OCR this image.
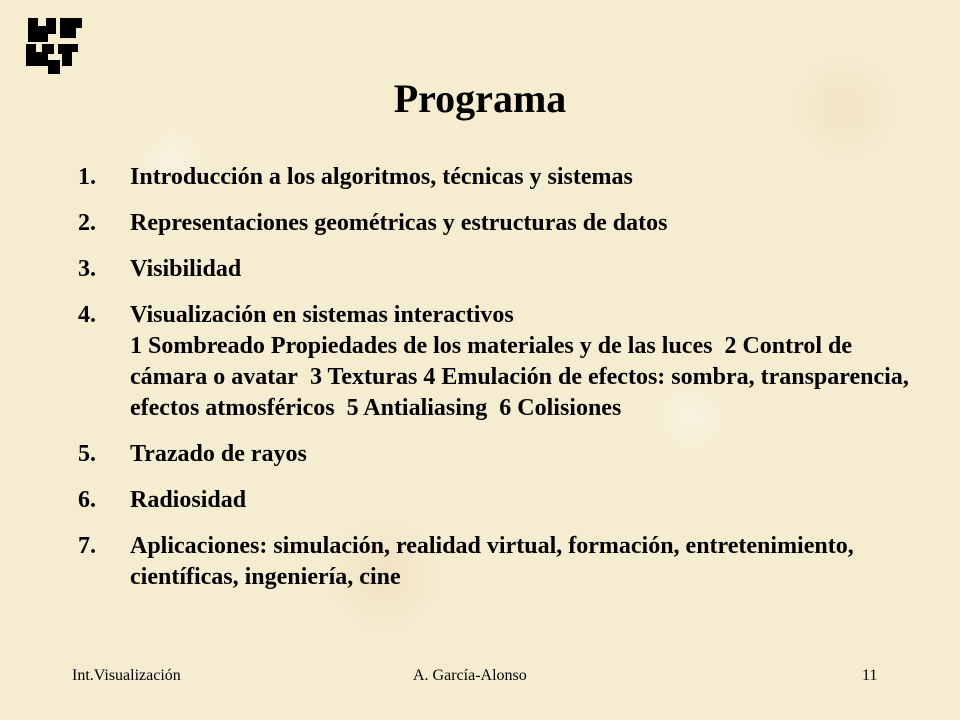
Programa
1.	Introducción a los algoritmos, técnicas y sistemas
2.	Representaciones geométricas y estructuras de datos
3.	Visibilidad
4.	Visualización en sistemas interactivos
1 Sombreado Propiedades de los materiales y de las luces 2 Control de cámara o avatar 3 Texturas 4 Emulación de efectos: sombra, transparencia, efectos atmosféricos 5 Antialiasing 6 Colisiones
5.	Trazado de rayos
6.	Radiosidad
7.	Aplicaciones: simulación, realidad virtual, formación, entretenimiento, científicas, ingeniería, cine
Int.Visualización	A. García-Alonso	11
